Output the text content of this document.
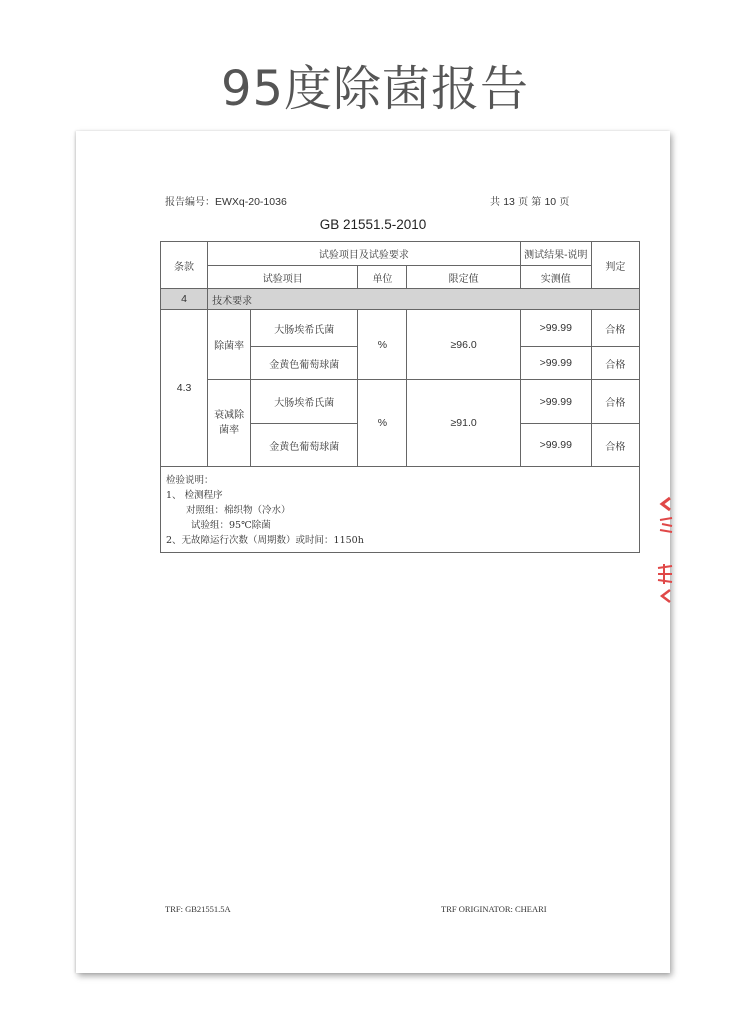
95度除菌报告
报告编号：EWXq-20-1036	共 13 页 第 10 页
GB 21551.5-2010
条款	试验项目及试验要求				测试结果-说明	判定
	试验项目		单位	限定值	实测值	
4	技术要求					
4.3	除菌率	大肠埃希氏菌	%	≥96.0	>99.99	合格
		金黄色葡萄球菌			>99.99	合格
	衰减除菌率	大肠埃希氏菌	%	≥91.0	>99.99	合格
		金黄色葡萄球菌			>99.99	合格

检验说明：
1、 检测程序
对照组：棉织物（冷水）
试验组：95℃除菌
2、无故障运行次数（周期数）或时间：1150h						
TRF: GB21551.5A	TRF ORIGINATOR: CHEARI
